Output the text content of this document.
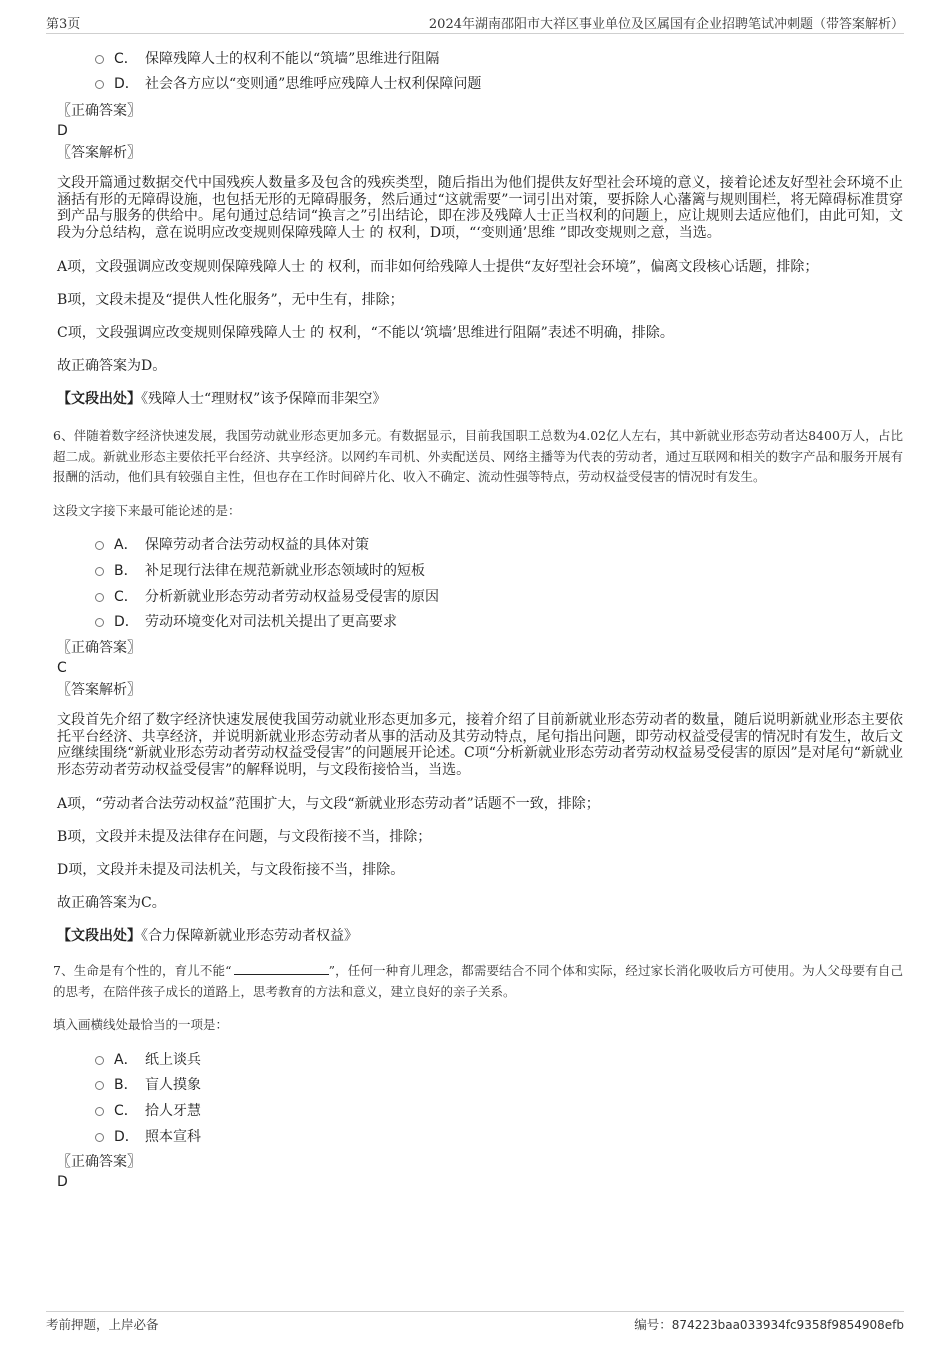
第3页	2024年湖南邵阳市大祥区事业单位及区属国有企业招聘笔试冲刺题（带答案解析）
C． 保障残障人士的权利不能以“筑墙”思维进行阻隔
D． 社会各方应以“变则通”思维呼应残障人士权利保障问题
〖正确答案〗
D
〖答案解析〗
文段开篇通过数据交代中国残疾人数量多及包含的残疾类型，随后指出为他们提供友好型社会环境的意义，接着论述友好型社会环境不止涵括有形的无障碍设施，也包括无形的无障碍服务，然后通过“这就需要”一词引出对策，要拆除人心藩篱与规则围栏，将无障碍标准贯穿到产品与服务的供给中。尾句通过总结词“换言之”引出结论，即在涉及残障人士正当权利的问题上，应让规则去适应他们，由此可知，文段为分总结构，意在说明应改变规则保障残障人士 的 权利，D项，“‘变则通’思维 ”即改变规则之意，当选。
A项，文段强调应改变规则保障残障人士 的 权利，而非如何给残障人士提供“友好型社会环境”，偏离文段核心话题，排除；
B项，文段未提及“提供人性化服务”，无中生有，排除；
C项，文段强调应改变规则保障残障人士 的 权利，“不能以‘筑墙’思维进行阻隔”表述不明确，排除。
故正确答案为D。
【文段出处】《残障人士“理财权”该予保障而非架空》
6、伴随着数字经济快速发展，我国劳动就业形态更加多元。有数据显示，目前我国职工总数为4.02亿人左右，其中新就业形态劳动者达8400万人，占比超二成。新就业形态主要依托平台经济、共享经济。以网约车司机、外卖配送员、网络主播等为代表的劳动者，通过互联网和相关的数字产品和服务开展有报酬的活动，他们具有较强自主性，但也存在工作时间碎片化、收入不确定、流动性强等特点，劳动权益受侵害的情况时有发生。
这段文字接下来最可能论述的是：
A． 保障劳动者合法劳动权益的具体对策
B． 补足现行法律在规范新就业形态领域时的短板
C． 分析新就业形态劳动者劳动权益易受侵害的原因
D． 劳动环境变化对司法机关提出了更高要求
〖正确答案〗
C
〖答案解析〗
文段首先介绍了数字经济快速发展使我国劳动就业形态更加多元，接着介绍了目前新就业形态劳动者的数量，随后说明新就业形态主要依托平台经济、共享经济，并说明新就业形态劳动者从事的活动及其劳动特点，尾句指出问题，即劳动权益受侵害的情况时有发生，故后文应继续围绕“新就业形态劳动者劳动权益受侵害”的问题展开论述。C项“分析新就业形态劳动者劳动权益易受侵害的原因”是对尾句“新就业形态劳动者劳动权益受侵害”的解释说明，与文段衔接恰当，当选。
A项，“劳动者合法劳动权益”范围扩大，与文段“新就业形态劳动者”话题不一致，排除；
B项，文段并未提及法律存在问题，与文段衔接不当，排除；
D项，文段并未提及司法机关，与文段衔接不当，排除。
故正确答案为C。
【文段出处】《合力保障新就业形态劳动者权益》
7、生命是有个性的，育儿不能“	”，任何一种育儿理念，都需要结合不同个体和实际，经过家长消化吸收后方可使用。为人父母要有自己的思考，在陪伴孩子成长的道路上，思考教育的方法和意义，建立良好的亲子关系。
填入画横线处最恰当的一项是：
A． 纸上谈兵
B． 盲人摸象
C． 拾人牙慧
D． 照本宣科
〖正确答案〗
D
考前押题，上岸必备	编号：874223baa033934fc9358f9854908efb
